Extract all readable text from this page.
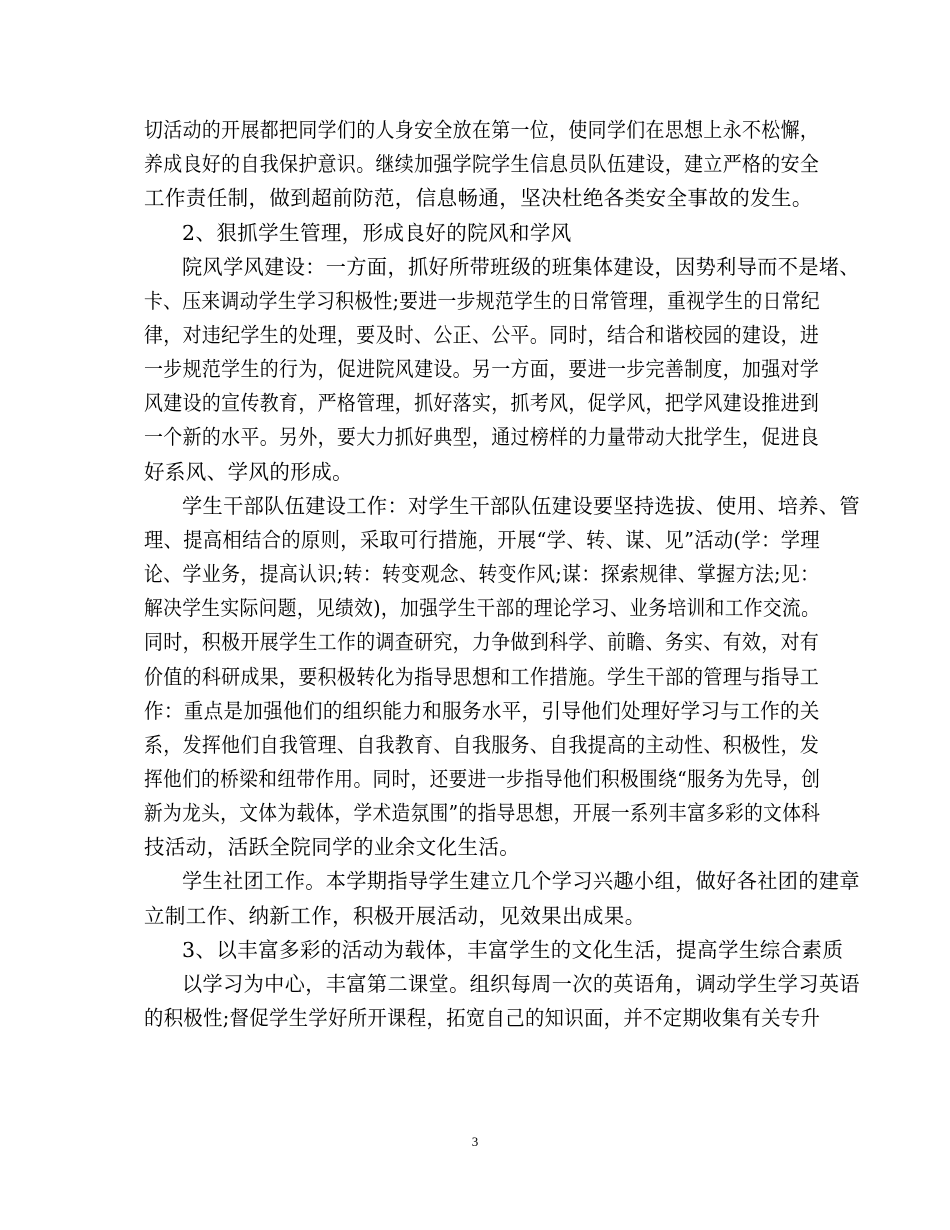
切活动的开展都把同学们的人身安全放在第一位，使同学们在思想上永不松懈，
养成良好的自我保护意识。继续加强学院学生信息员队伍建设，建立严格的安全
工作责任制，做到超前防范，信息畅通，坚决杜绝各类安全事故的发生。
2、狠抓学生管理，形成良好的院风和学风
院风学风建设：一方面，抓好所带班级的班集体建设，因势利导而不是堵、
卡、压来调动学生学习积极性;要进一步规范学生的日常管理，重视学生的日常纪
律，对违纪学生的处理，要及时、公正、公平。同时，结合和谐校园的建设，进
一步规范学生的行为，促进院风建设。另一方面，要进一步完善制度，加强对学
风建设的宣传教育，严格管理，抓好落实，抓考风，促学风，把学风建设推进到
一个新的水平。另外，要大力抓好典型，通过榜样的力量带动大批学生，促进良
好系风、学风的形成。
学生干部队伍建设工作：对学生干部队伍建设要坚持选拔、使用、培养、管
理、提高相结合的原则，采取可行措施，开展“学、转、谋、见”活动(学：学理
论、学业务，提高认识;转：转变观念、转变作风;谋：探索规律、掌握方法;见：
解决学生实际问题，见绩效)，加强学生干部的理论学习、业务培训和工作交流。
同时，积极开展学生工作的调查研究，力争做到科学、前瞻、务实、有效，对有
价值的科研成果，要积极转化为指导思想和工作措施。学生干部的管理与指导工
作：重点是加强他们的组织能力和服务水平，引导他们处理好学习与工作的关
系，发挥他们自我管理、自我教育、自我服务、自我提高的主动性、积极性，发
挥他们的桥梁和纽带作用。同时，还要进一步指导他们积极围绕“服务为先导，创
新为龙头，文体为载体，学术造氛围”的指导思想，开展一系列丰富多彩的文体科
技活动，活跃全院同学的业余文化生活。
学生社团工作。本学期指导学生建立几个学习兴趣小组，做好各社团的建章
立制工作、纳新工作，积极开展活动，见效果出成果。
3、以丰富多彩的活动为载体，丰富学生的文化生活，提高学生综合素质
以学习为中心，丰富第二课堂。组织每周一次的英语角，调动学生学习英语
的积极性;督促学生学好所开课程，拓宽自己的知识面，并不定期收集有关专升
3
